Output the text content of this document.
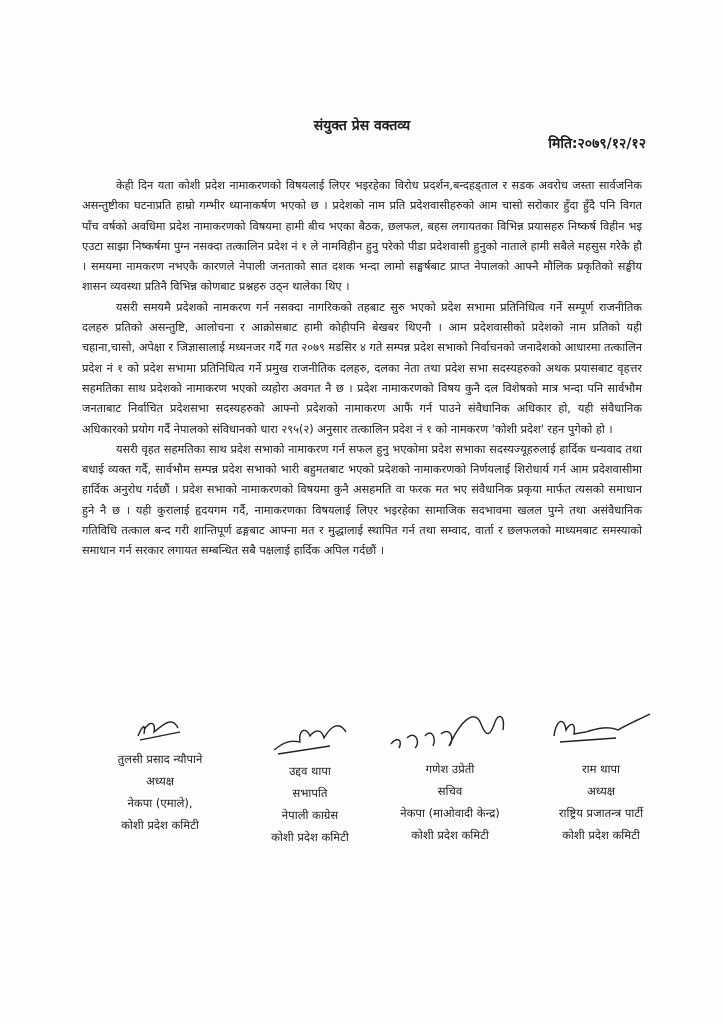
संयुक्त प्रेस वक्तव्य
मिति:२०७९/१२/१२

केही दिन यता कोशी प्रदेश नामाकरणको विषयलाई लिएर भइरहेका विरोध प्रदर्शन,बन्दहड्ताल र सडक अवरोध जस्ता सार्वजनिक असन्तुष्टीका घटनाप्रति हाम्रो गम्भीर ध्यानाकर्षण भएको छ । प्रदेशको नाम प्रति प्रदेशवासीहरुको आम चासो सरोकार हुँदा हुँदै पनि विगत पाँच वर्षको अवधिमा प्रदेश नामाकरणको विषयमा हामी बीच भएका बैठक, छलफल, बहस लगायतका विभिन्न प्रयासहरु निष्कर्ष विहीन भइ एउटा साझा निष्कर्षमा पुग्न नसक्दा तत्कालिन प्रदेश नं १ ले नामविहीन हुनु परेको पीडा प्रदेशवासी हुनुको नाताले हामी सबैले महसुस गरेकै हौ । समयमा नामकरण नभएकै कारणले नेपाली जनताको सात दशक भन्दा लामो सङ्घर्षबाट प्राप्त नेपालको आफ्नै मौलिक प्रकृतिको सङ्घीय शासन व्यवस्था प्रतिनै विभिन्न कोणबाट प्रश्नहरु उठ्न थालेका थिए ।

यसरी समयमै प्रदेशको नामकरण गर्न नसक्दा नागरिकको तहबाट सुरु भएको प्रदेश सभामा प्रतिनिधित्व गर्ने सम्पूर्ण राजनीतिक दलहरु प्रतिको असन्तुष्टि, आलोचना र आक्रोसबाट हामी कोहीपनि बेखबर थिएनौ । आम प्रदेशवासीको प्रदेशको नाम प्रतिको यही चहाना,चासो, अपेक्षा र जिज्ञासालाई मध्यनजर गर्दै गत २०७९ मडसिर ४ गते सम्पन्न प्रदेश सभाको निर्वाचनको जनादेशको आधारमा तत्कालिन प्रदेश नं १ को प्रदेश सभामा प्रतिनिधित्व गर्ने प्रमुख राजनीतिक दलहरु, दलका नेता तथा प्रदेश सभा सदस्यहरुको अथक प्रयासबाट वृहत्तर सहमतिका साथ प्रदेशको नामाकरण भएको व्यहोरा अवगत नै छ । प्रदेश नामाकरणको विषय कुनै दल विशेषको मात्र भन्दा पनि सार्वभौम जनताबाट निर्वाचित प्रदेशसभा सदस्यहरुको आफ्नो प्रदेशको नामाकरण आफैं गर्न पाउने संवैधानिक अधिकार हो, यही संवैधानिक अधिकारको प्रयोग गर्दै नेपालको संविधानको धारा २९५(२) अनुसार तत्कालिन प्रदेश नं १ को नामकरण 'कोशी प्रदेश' रहन पुगेको हो ।

यसरी वृहत सहमतिका साथ प्रदेश सभाको नामाकरण गर्न सफल हुनु भएकोमा प्रदेश सभाका सदस्यज्यूहरुलाई हार्दिक धन्यवाद तथा बधाई व्यक्त गर्दै, सार्वभौम सम्पन्न प्रदेश सभाको भारी बहुमतबाट भएको प्रदेशको नामाकरणको निर्णयलाई शिरोधार्य गर्न आम प्रदेशवासीमा हार्दिक अनुरोध गर्दछौं । प्रदेश सभाको नामाकरणको विषयमा कुनै असहमति वा फरक मत भए संवैधानिक प्रकृया मार्फत त्यसको समाधान हुने नै छ । यही कुरालाई हृदयगम गर्दै, नामाकरणका विषयलाई लिएर भइरहेका सामाजिक सदभावमा खलल पुग्ने तथा असंवैधानिक गतिविधि तत्काल बन्द गरी शान्तिपूर्ण ढङ्गबाट आफ्ना मत र मुद्धालाई स्थापित गर्न तथा सम्वाद, वार्ता र छलफलको माध्यमबाट समस्याको समाधान गर्न सरकार लगायत सम्बन्धित सबै पक्षलाई हार्दिक अपिल गर्दछौं ।

तुलसी प्रसाद न्यौपाने
अध्यक्ष
नेकपा (एमाले),
कोशी प्रदेश कमिटी
उद्दव थापा
सभापति
नेपाली काग्रेस
कोशी प्रदेश कमिटी
गणेश उप्रेती
सचिव
नेकपा (माओवादी केन्द्र)
कोशी प्रदेश कमिटी
राम थापा
अध्यक्ष
राष्ट्रिय प्रजातन्त्र पार्टी
कोशी प्रदेश कमिटी
